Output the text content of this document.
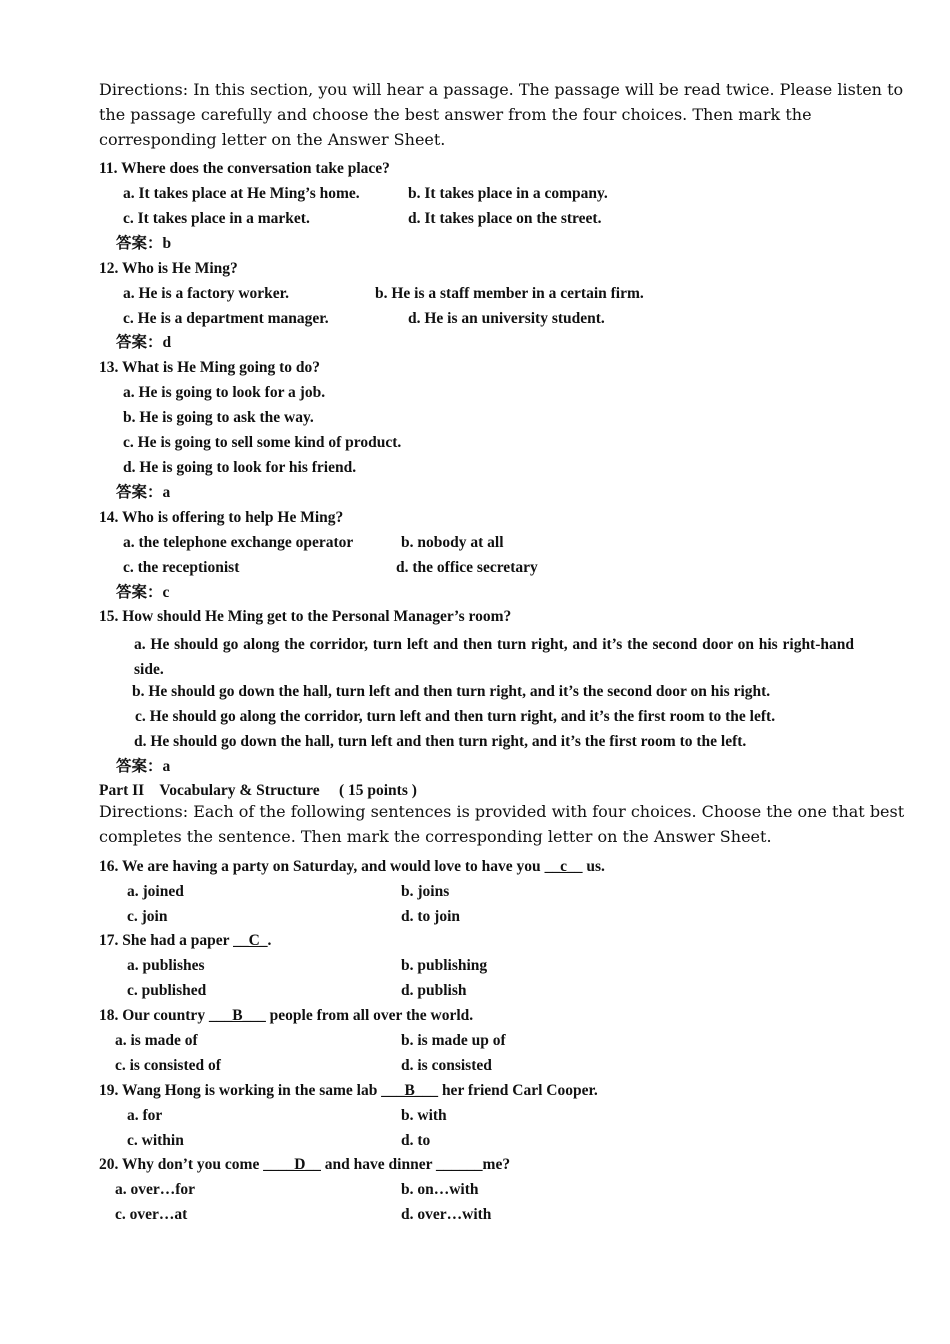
Directions: In this section, you will hear a passage. The passage will be read twice. Please listen to the passage carefully and choose the best answer from the four choices. Then mark the corresponding letter on the Answer Sheet.
11. Where does the conversation take place?
a. It takes place at He Ming’s home.	b. It takes place in a company.
c. It takes place in a market.	d. It takes place on the street.
答案：b
12. Who is He Ming?
a. He is a factory worker.	b. He is a staff member in a certain firm.
c. He is a department manager.	d. He is an university student.
答案：d
13. What is He Ming going to do?
a. He is going to look for a job.
b. He is going to ask the way.
c. He is going to sell some kind of product.
d. He is going to look for his friend.
答案：a
14. Who is offering to help He Ming?
a. the telephone exchange operator	b. nobody at all
c. the receptionist	d. the office secretary
答案：c
15. How should He Ming get to the Personal Manager’s room?
a. He should go along the corridor, turn left and then turn right, and it’s the second door on his right-hand side.
b. He should go down the hall, turn left and then turn right, and it’s the second door on his right.
c. He should go along the corridor, turn left and then turn right, and it’s the first room to the left.
d. He should go down the hall, turn left and then turn right, and it’s the first room to the left.
答案：a
Part II    Vocabulary & Structure     ( 15 points )
Directions: Each of the following sentences is provided with four choices. Choose the one that best completes the sentence. Then mark the corresponding letter on the Answer Sheet.
16. We are having a party on Saturday, and would love to have you __c__ us.
a. joined	b. joins
c. join	d. to join
17. She had a paper __C_.
a. publishes	b. publishing
c. published	d. publish
18. Our country ___B___ people from all over the world.
a. is made of	b. is made up of
c. is consisted of	d. is consisted
19. Wang Hong is working in the same lab ___B___ her friend Carl Cooper.
a. for	b. with
c. within	d. to
20. Why don’t you come ____D__ and have dinner ______me?
a. over…for	b. on…with
c. over…at	d. over…with
